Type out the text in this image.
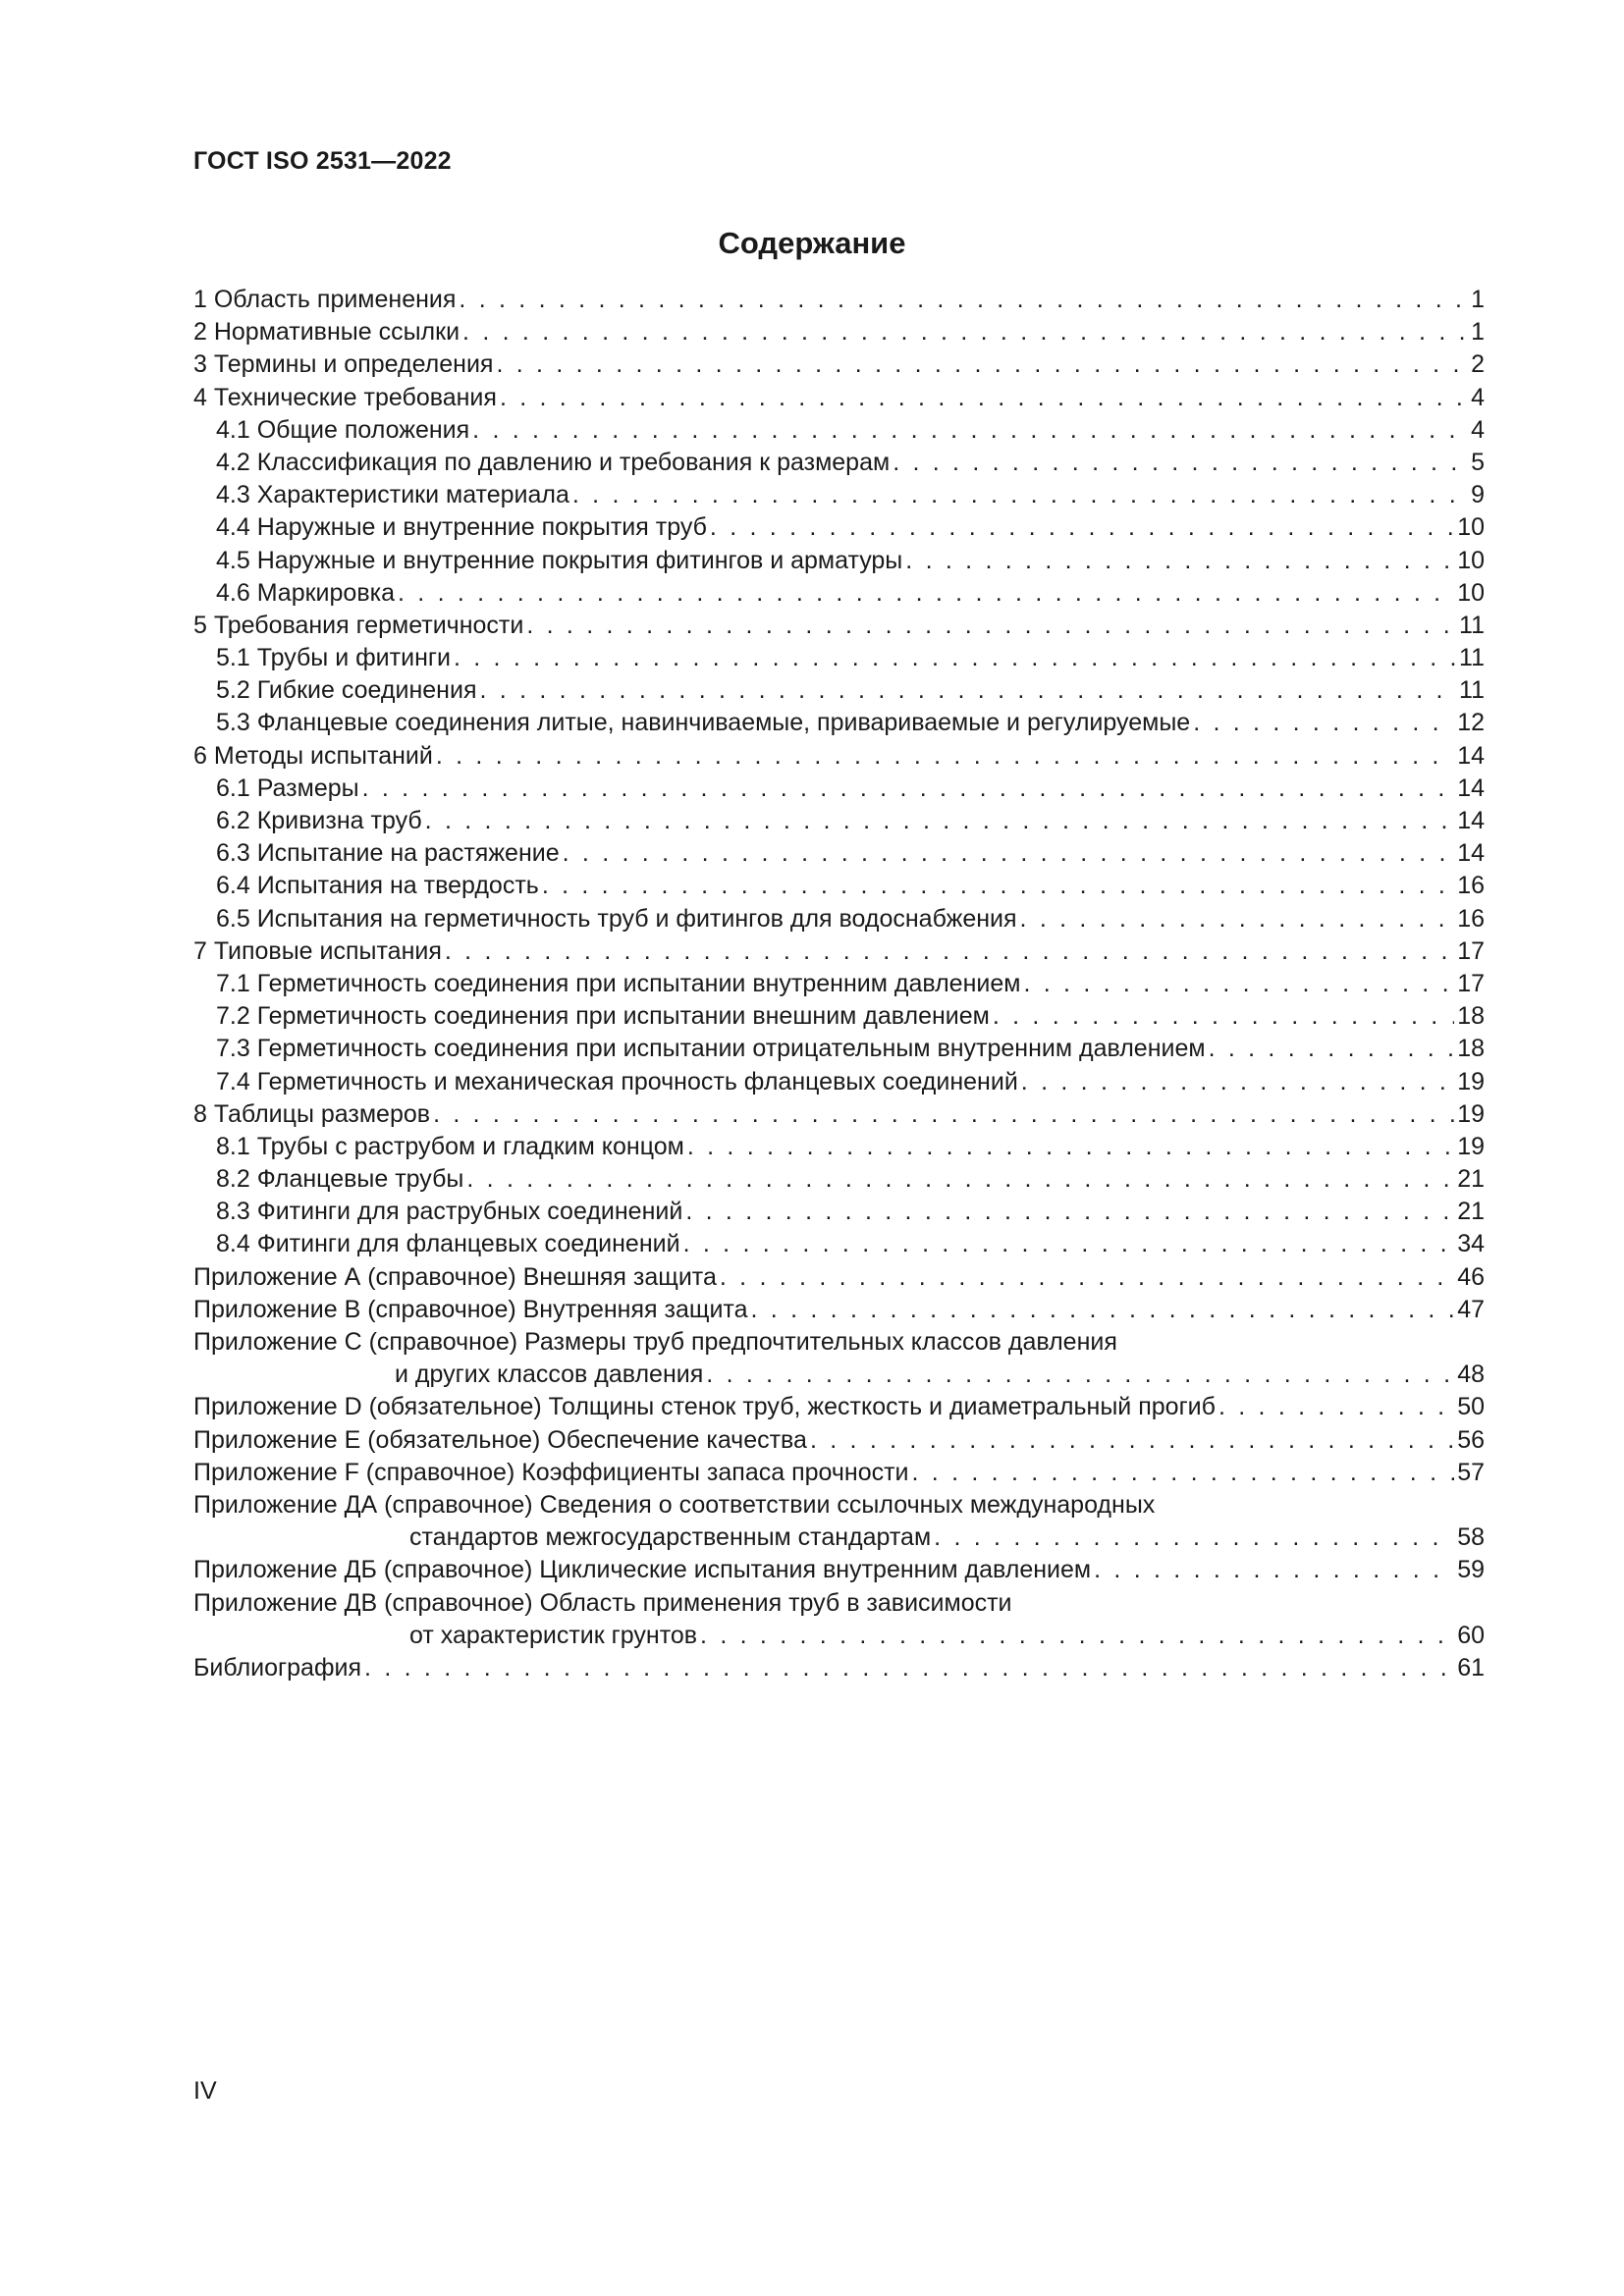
ГОСТ ISO 2531—2022
Содержание
1 Область применения . . .	1
2 Нормативные ссылки . . .	1
3 Термины и определения . . .	2
4 Технические требования . . .	4
4.1 Общие положения . . .	4
4.2 Классификация по давлению и требования к размерам . . .	5
4.3 Характеристики материала . . .	9
4.4 Наружные и внутренние покрытия труб . . .	10
4.5 Наружные и внутренние покрытия фитингов и арматуры . . .	10
4.6 Маркировка . . .	10
5 Требования герметичности . . .	11
5.1 Трубы и фитинги . . .	11
5.2 Гибкие соединения . . .	11
5.3 Фланцевые соединения литые, навинчиваемые, привариваемые и регулируемые . . .	12
6 Методы испытаний . . .	14
6.1 Размеры . . .	14
6.2 Кривизна труб . . .	14
6.3 Испытание на растяжение . . .	14
6.4 Испытания на твердость . . .	16
6.5 Испытания на герметичность труб и фитингов для водоснабжения . . .	16
7 Типовые испытания . . .	17
7.1 Герметичность соединения при испытании внутренним давлением . . .	17
7.2 Герметичность соединения при испытании внешним давлением . . .	18
7.3 Герметичность соединения при испытании отрицательным внутренним давлением . . .	18
7.4 Герметичность и механическая прочность фланцевых соединений . . .	19
8 Таблицы размеров . . .	19
8.1 Трубы с раструбом и гладким концом . . .	19
8.2 Фланцевые трубы . . .	21
8.3 Фитинги для раструбных соединений . . .	21
8.4 Фитинги для фланцевых соединений . . .	34
Приложение А (справочное) Внешняя защита . . .	46
Приложение В (справочное) Внутренняя защита . . .	47
Приложение С (справочное) Размеры труб предпочтительных классов давления
и других классов давления . . .	48
Приложение D (обязательное) Толщины стенок труб, жесткость и диаметральный прогиб . . .	50
Приложение Е (обязательное) Обеспечение качества . . .	56
Приложение F (справочное) Коэффициенты запаса прочности . . .	57
Приложение ДА (справочное) Сведения о соответствии ссылочных международных
стандартов межгосударственным стандартам . . .	58
Приложение ДБ (справочное) Циклические испытания внутренним давлением . . .	59
Приложение ДВ (справочное) Область применения труб в зависимости
от характеристик грунтов . . .	60
Библиография . . .	61
IV
